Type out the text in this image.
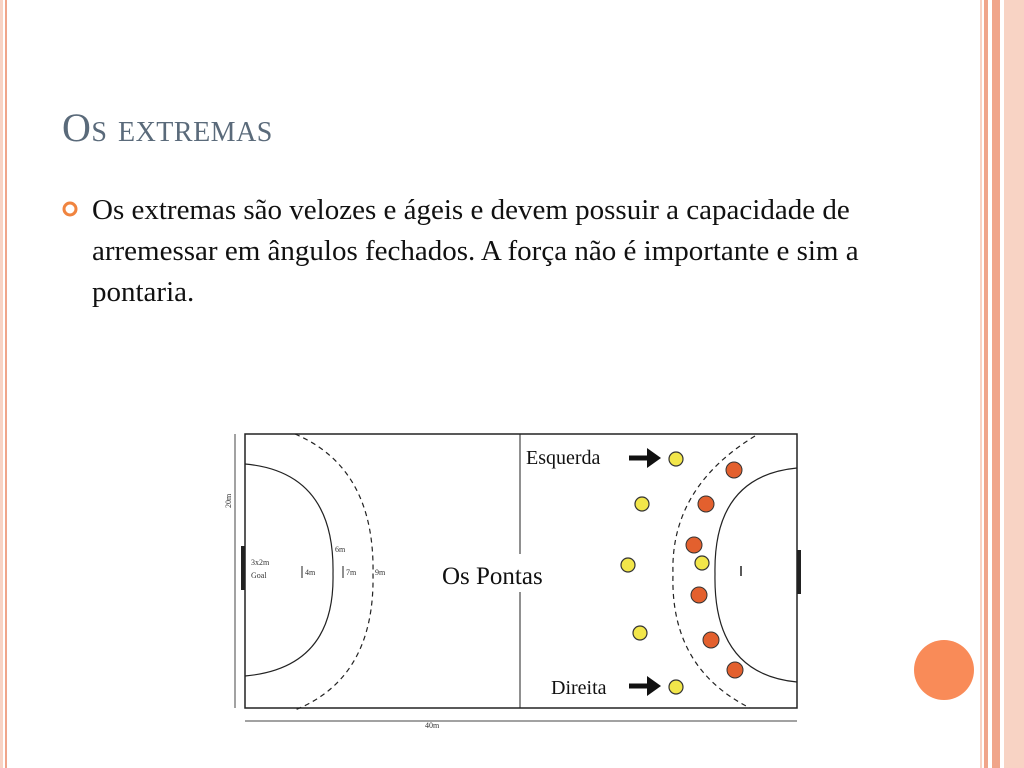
Os extremas
Os extremas são velozes e ágeis e devem possuir a capacidade de arremessar em ângulos fechados. A força não é importante e sim a pontaria.
20m
40m
3x2m
Goal	4m	7m
6m
9m Os Pontas
Esquerda
Direita
